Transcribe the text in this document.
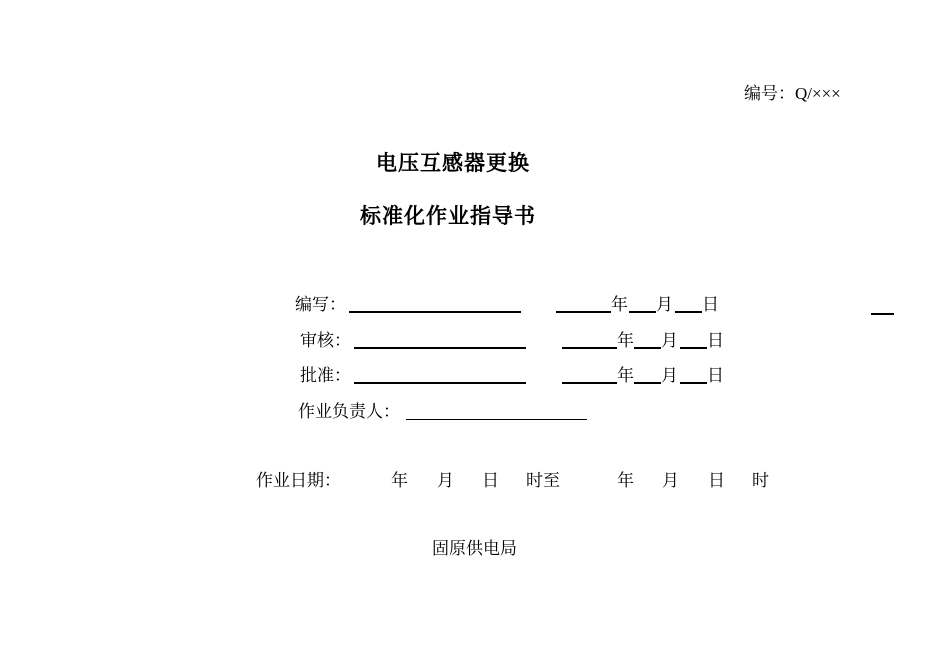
编号：Q/×××
电压互感器更换
标准化作业指导书
编写：	年 月 日
审核：	年 月 日
批准：	年 月 日
作业负责人：
作业日期：	年 月 日 时至	年 月 日 时
固原供电局
